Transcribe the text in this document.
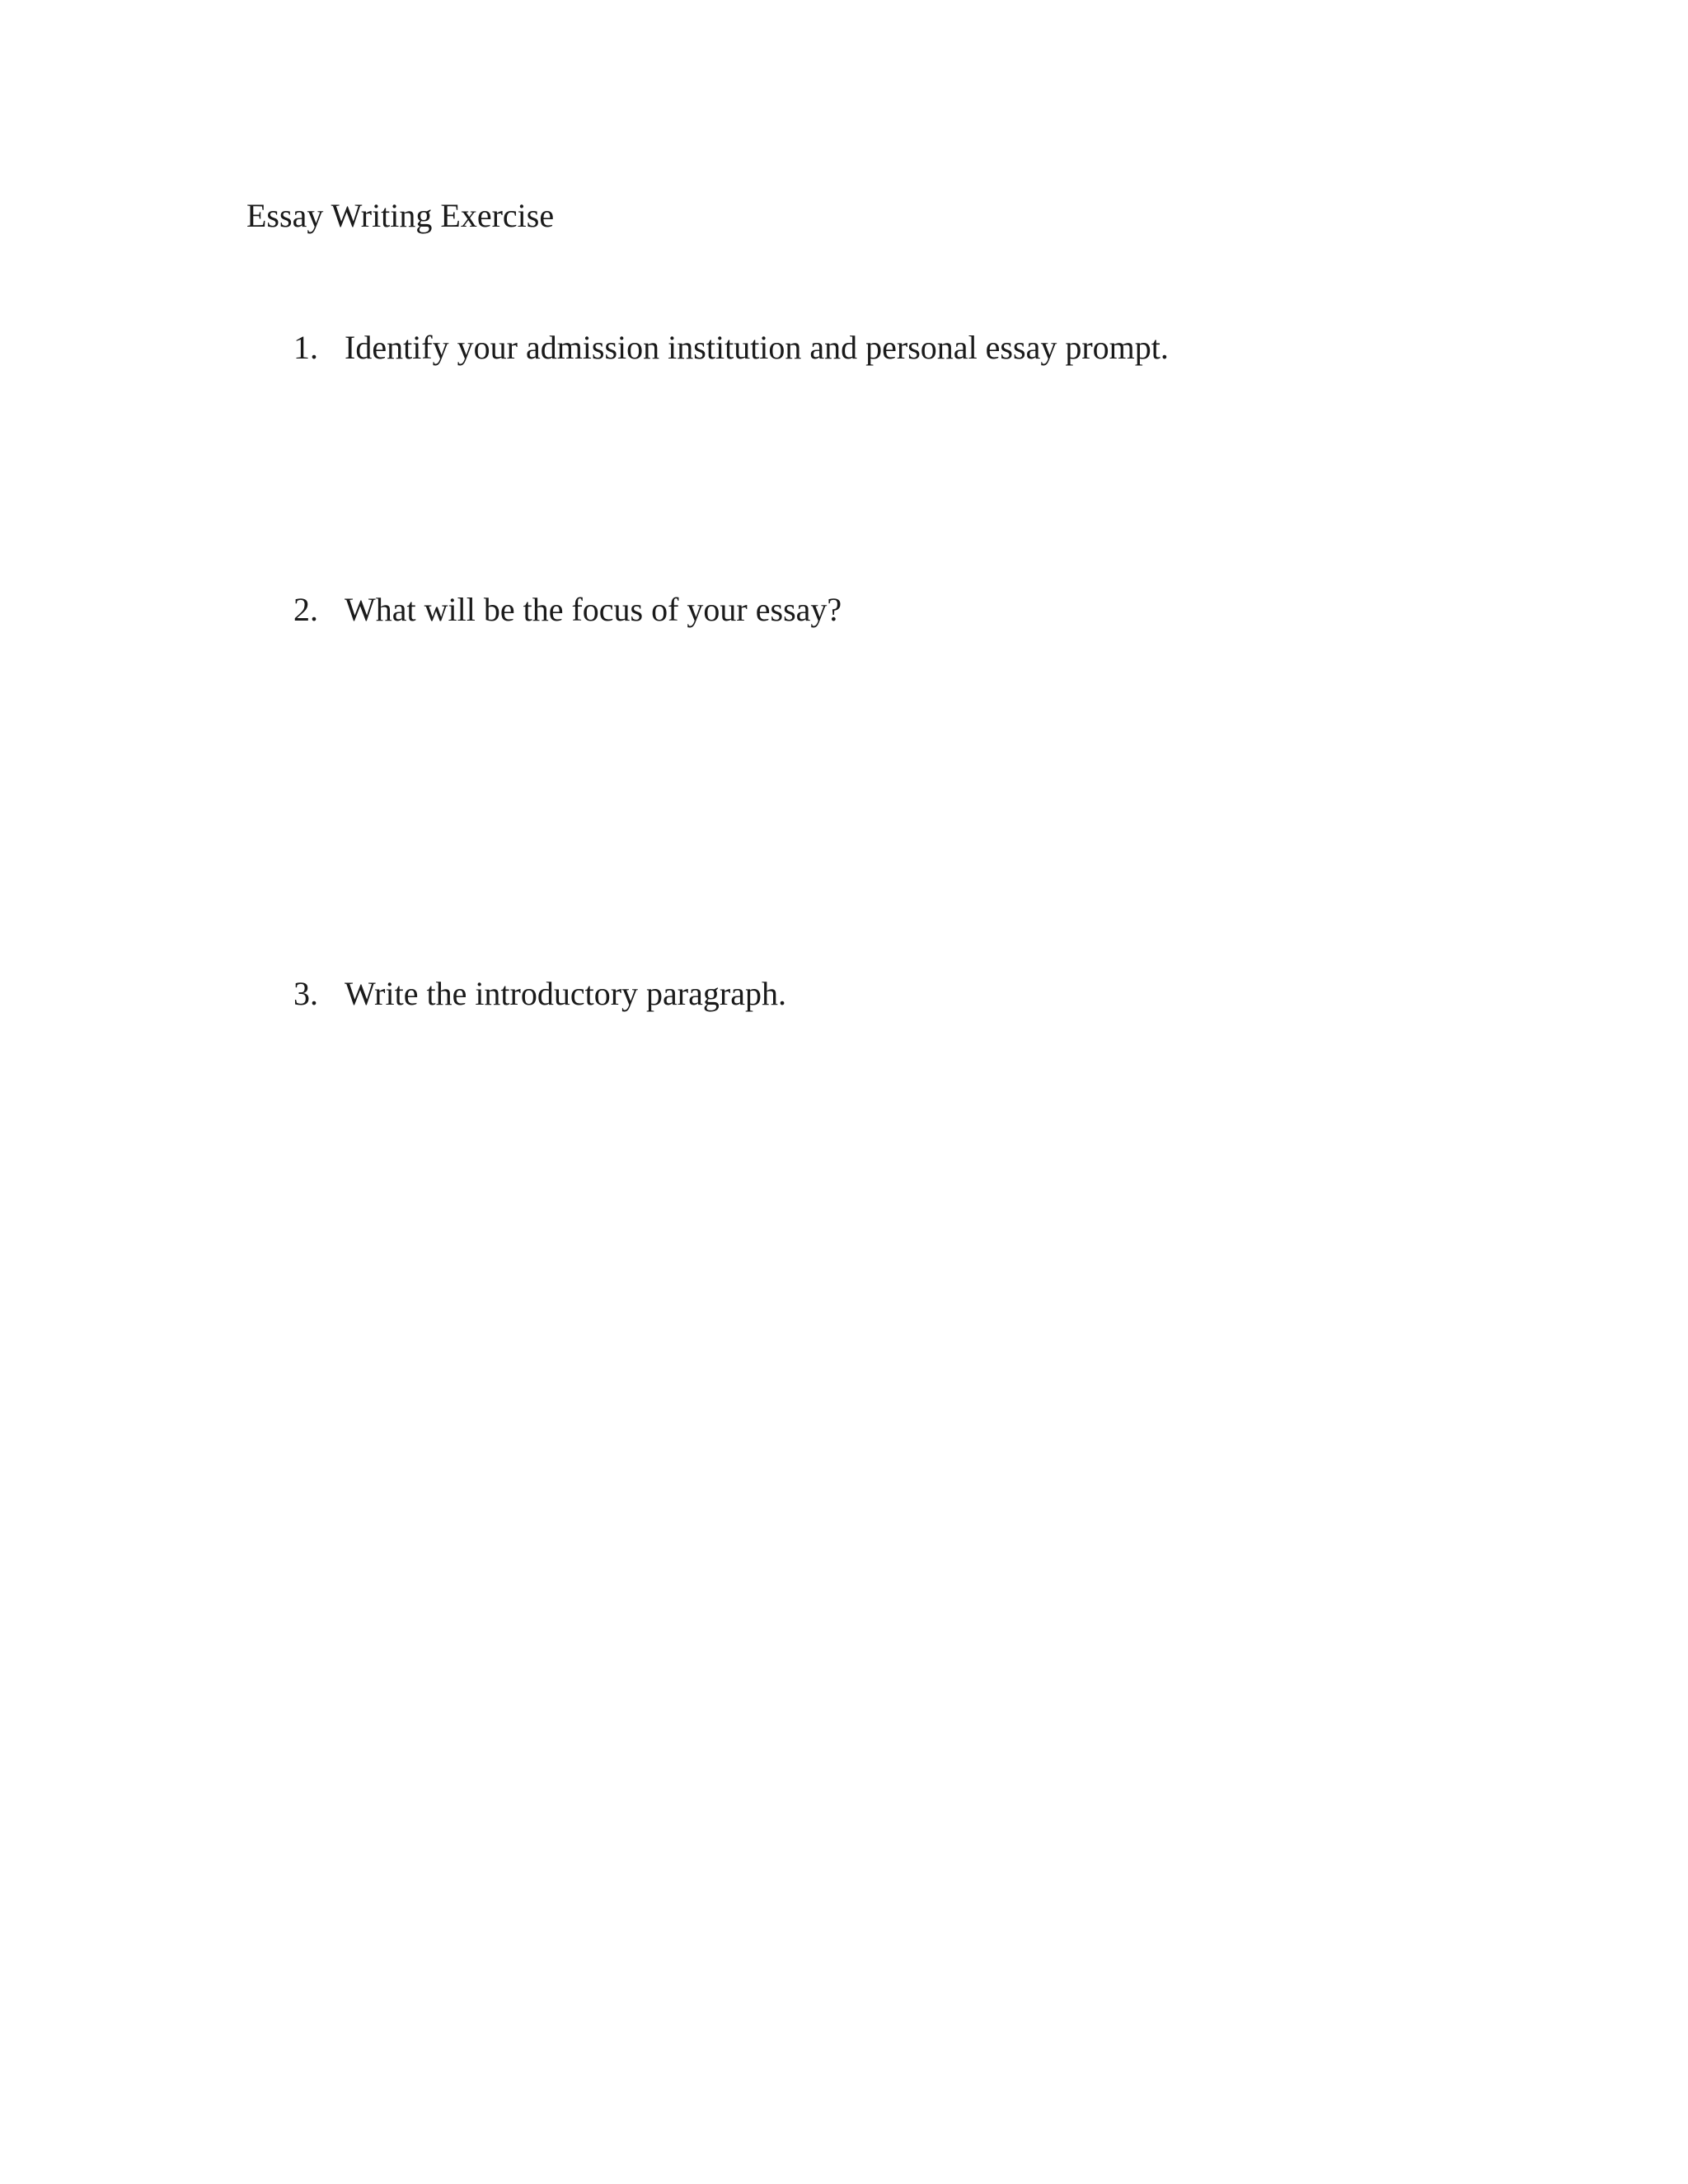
Essay Writing Exercise
1. Identify your admission institution and personal essay prompt.
2. What will be the focus of your essay?
3. Write the introductory paragraph.
